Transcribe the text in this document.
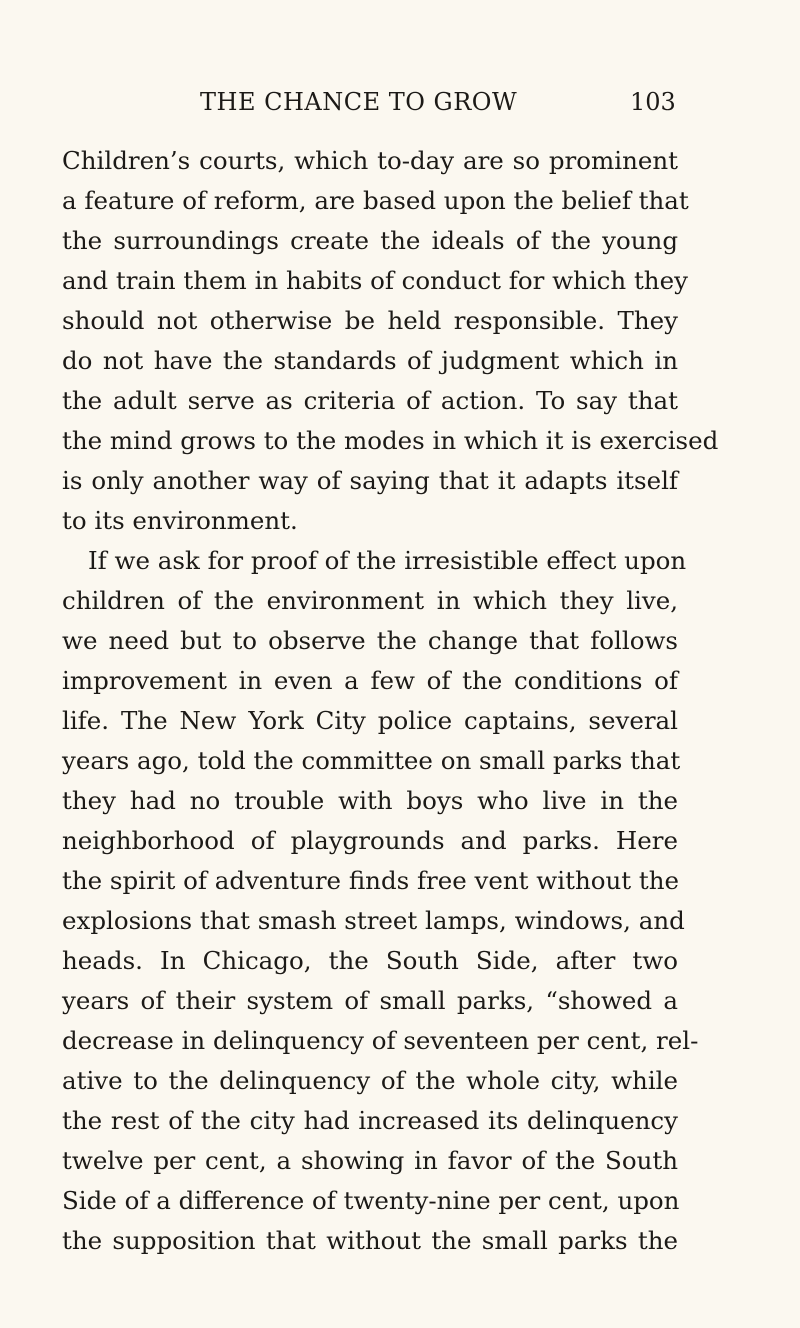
THE CHANCE TO GROW	103
Children’s courts, which to-day are so prominent
a feature of reform, are based upon the belief that
the surroundings create the ideals of the young
and train them in habits of conduct for which they
should not otherwise be held responsible. They
do not have the standards of judgment which in
the adult serve as criteria of action. To say that
the mind grows to the modes in which it is exercised
is only another way of saying that it adapts itself
to its environment.
If we ask for proof of the irresistible effect upon
children of the environment in which they live,
we need but to observe the change that follows
improvement in even a few of the conditions of
life. The New York City police captains, several
years ago, told the committee on small parks that
they had no trouble with boys who live in the
neighborhood of playgrounds and parks. Here
the spirit of adventure finds free vent without the
explosions that smash street lamps, windows, and
heads. In Chicago, the South Side, after two
years of their system of small parks, “showed a
decrease in delinquency of seventeen per cent, rel-
ative to the delinquency of the whole city, while
the rest of the city had increased its delinquency
twelve per cent, a showing in favor of the South
Side of a difference of twenty-nine per cent, upon
the supposition that without the small parks the
